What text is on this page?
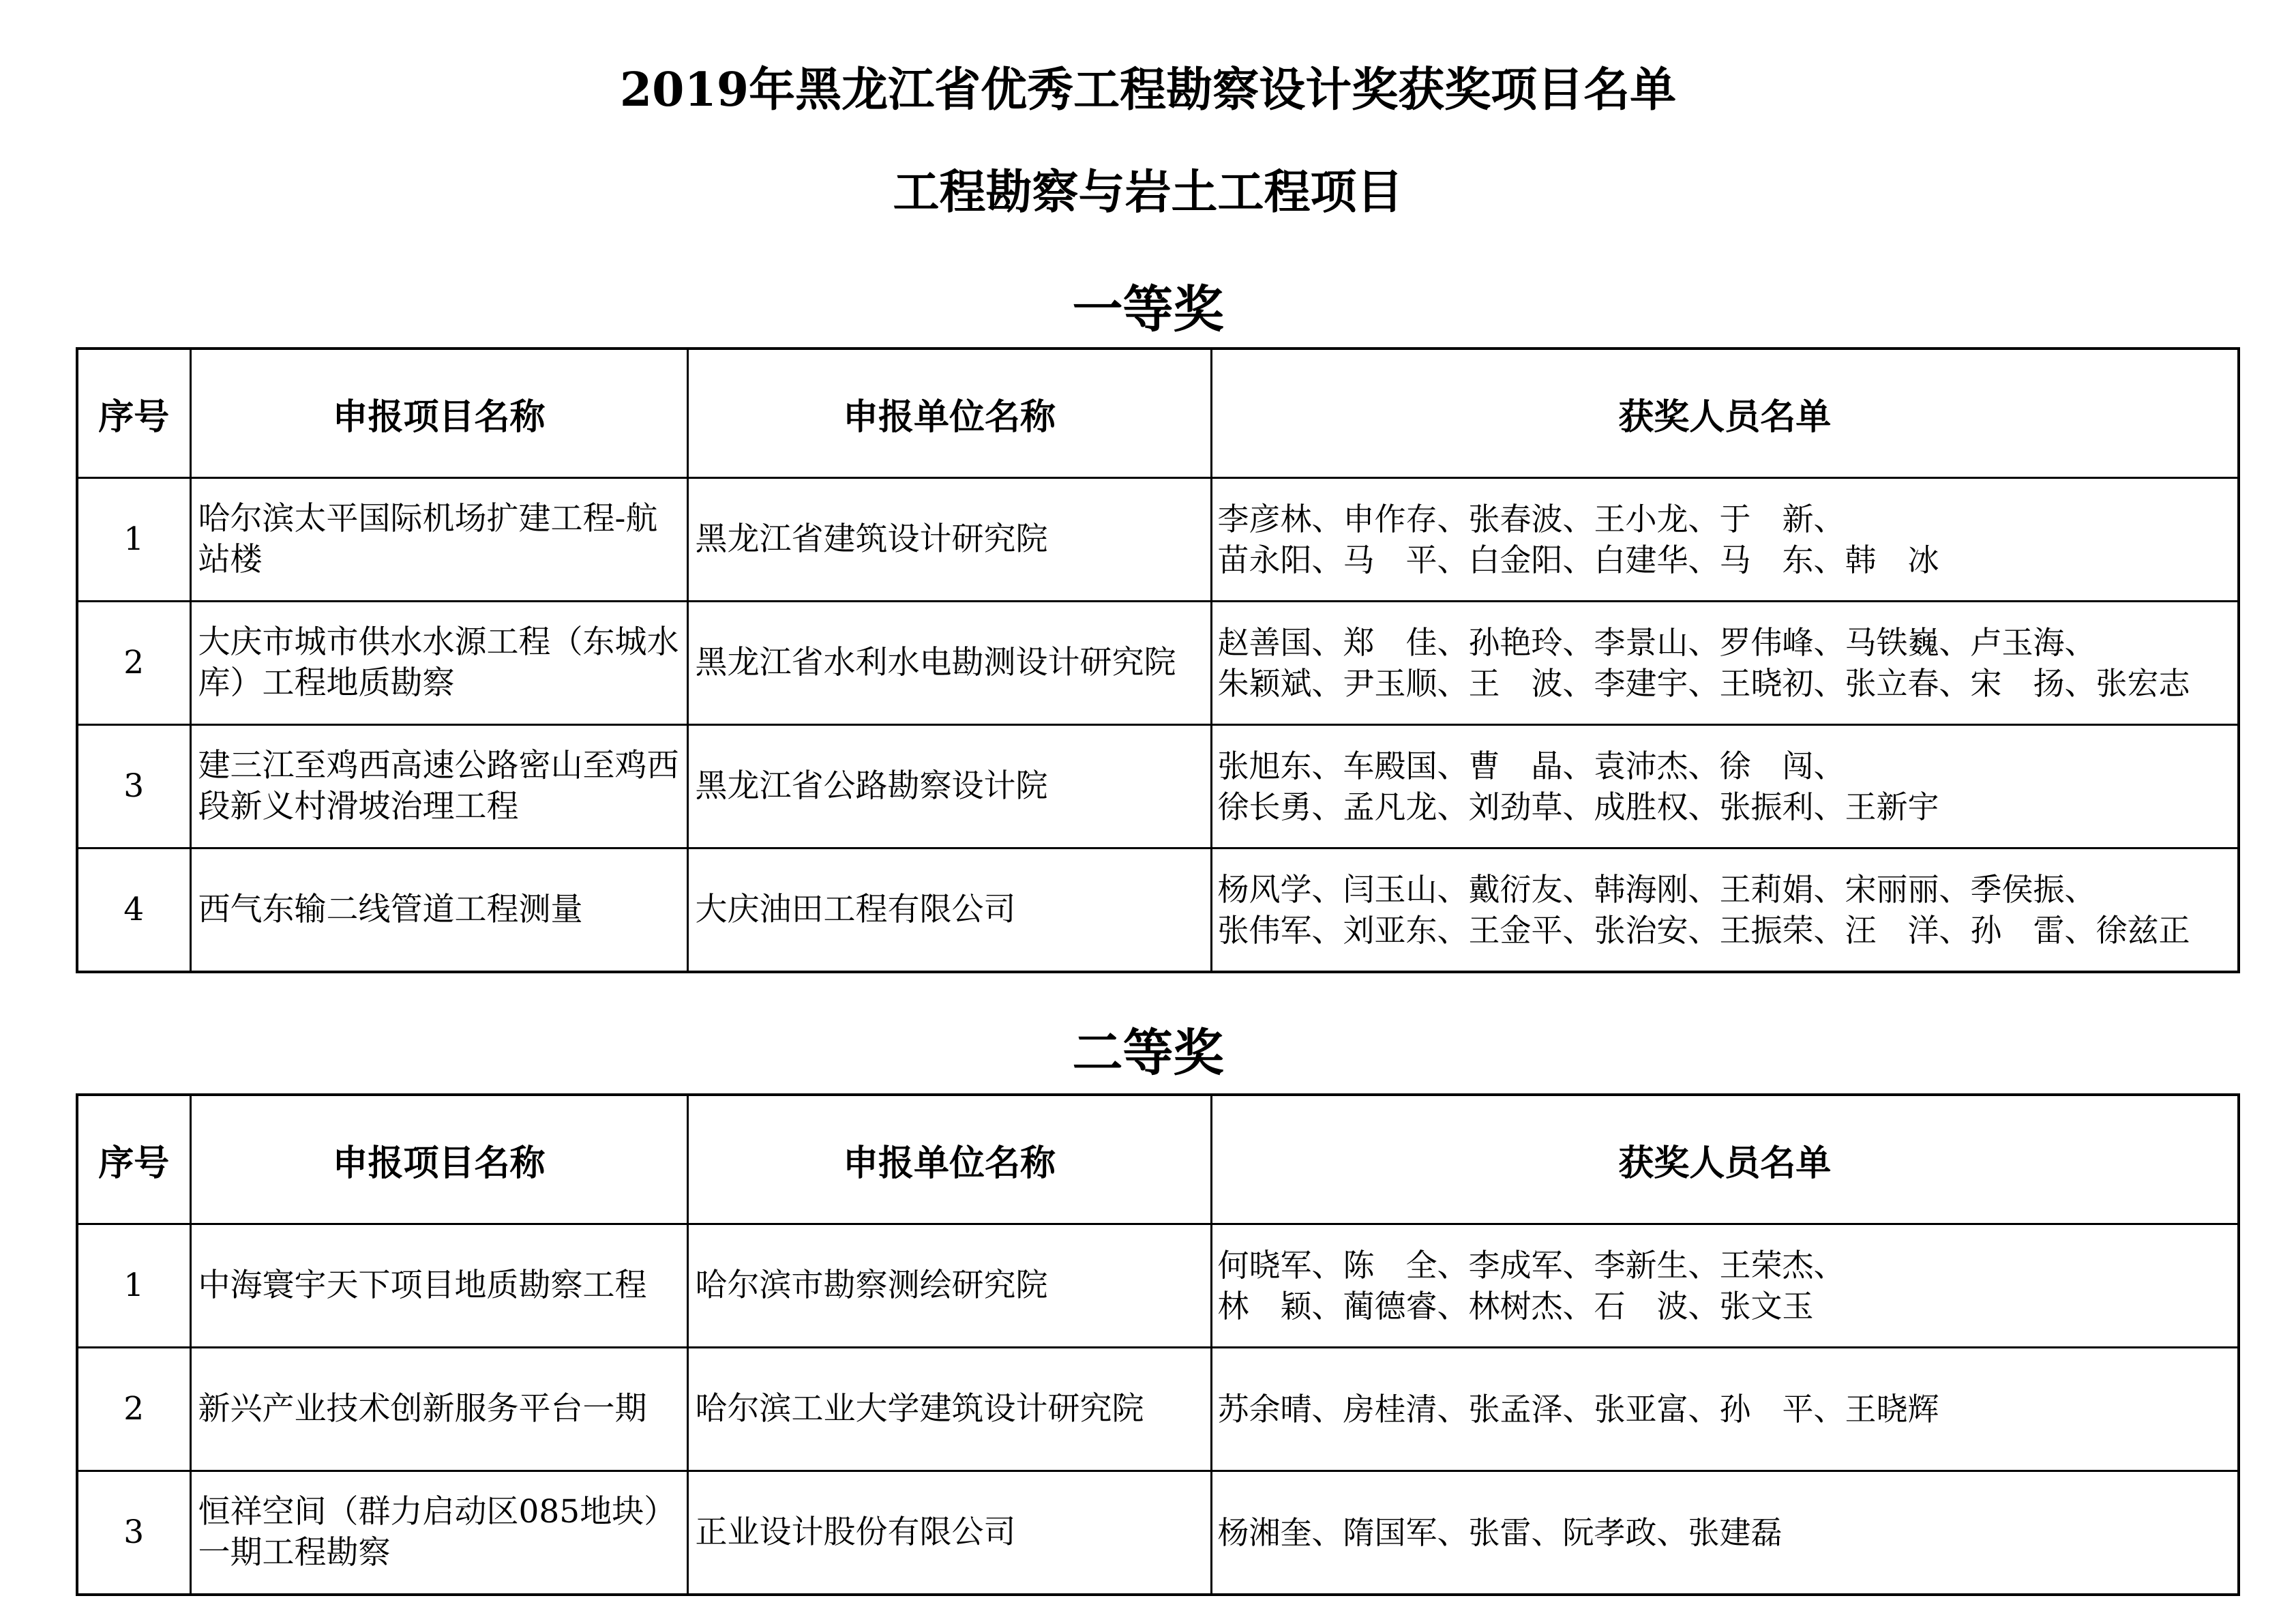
2019年黑龙江省优秀工程勘察设计奖获奖项目名单
工程勘察与岩土工程项目
一等奖
序号	申报项目名称	申报单位名称	获奖人员名单
1	哈尔滨太平国际机场扩建工程-航站楼	黑龙江省建筑设计研究院	李彦林、申作存、张春波、王小龙、于　新、
苗永阳、马　平、白金阳、白建华、马　东、韩　冰

2	大庆市城市供水水源工程（东城水库）工程地质勘察	黑龙江省水利水电勘测设计研究院	赵善国、郑　佳、孙艳玲、李景山、罗伟峰、马铁巍、卢玉海、
朱颖斌、尹玉顺、王　波、李建宇、王晓初、张立春、宋　扬、张宏志

3	建三江至鸡西高速公路密山至鸡西段新义村滑坡治理工程	黑龙江省公路勘察设计院	张旭东、车殿国、曹　晶、袁沛杰、徐　闯、
徐长勇、孟凡龙、刘劲草、成胜权、张振利、王新宇

4	西气东输二线管道工程测量	大庆油田工程有限公司	杨风学、闫玉山、戴衍友、韩海刚、王莉娟、宋丽丽、季侯振、
张伟军、刘亚东、王金平、张治安、王振荣、汪　洋、孙　雷、徐兹正
二等奖
序号	申报项目名称	申报单位名称	获奖人员名单
1	中海寰宇天下项目地质勘察工程	哈尔滨市勘察测绘研究院	何晓军、陈　全、李成军、李新生、王荣杰、
林　颖、蔺德睿、林树杰、石　波、张文玉

2	新兴产业技术创新服务平台一期	哈尔滨工业大学建筑设计研究院	苏余晴、房桂清、张孟泽、张亚富、孙　平、王晓辉

3	恒祥空间（群力启动区085地块）一期工程勘察	正业设计股份有限公司	杨湘奎、隋国军、张雷、阮孝政、张建磊
